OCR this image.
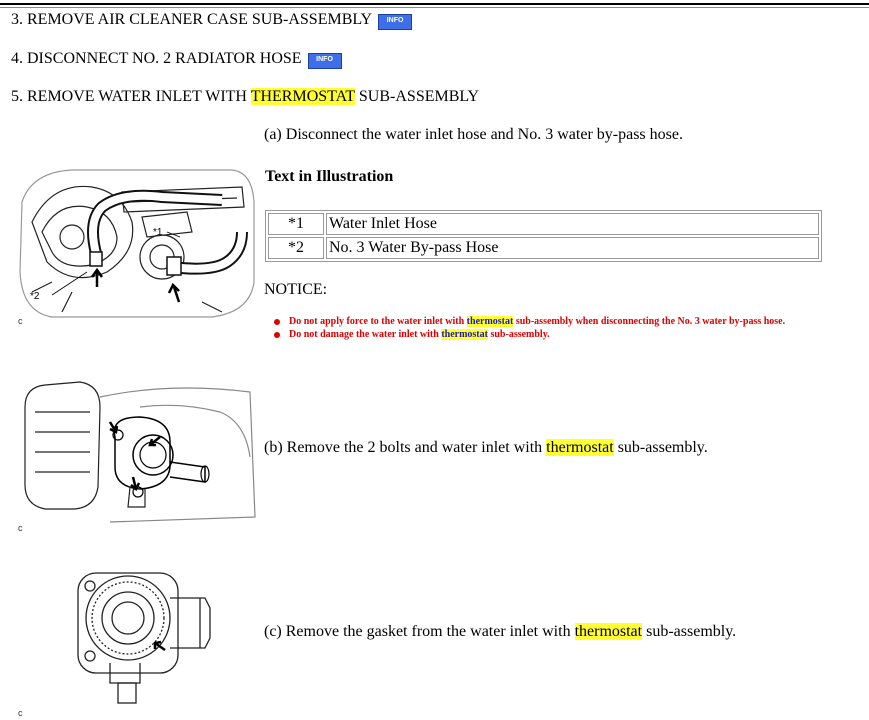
3. REMOVE AIR CLEANER CASE SUB-ASSEMBLY INFO
4. DISCONNECT NO. 2 RADIATOR HOSE INFO
5. REMOVE WATER INLET WITH THERMOSTAT SUB-ASSEMBLY
(a) Disconnect the water inlet hose and No. 3 water by-pass hose.
Text in Illustration
*1	Water Inlet Hose
*2	No. 3 Water By-pass Hose
NOTICE:
Do not apply force to the water inlet with thermostat sub-assembly when disconnecting the No. 3 water by-pass hose.
Do not damage the water inlet with thermostat sub-assembly.
(b) Remove the 2 bolts and water inlet with thermostat sub-assembly.
(c) Remove the gasket from the water inlet with thermostat sub-assembly.
*1
*2
c
c
c
